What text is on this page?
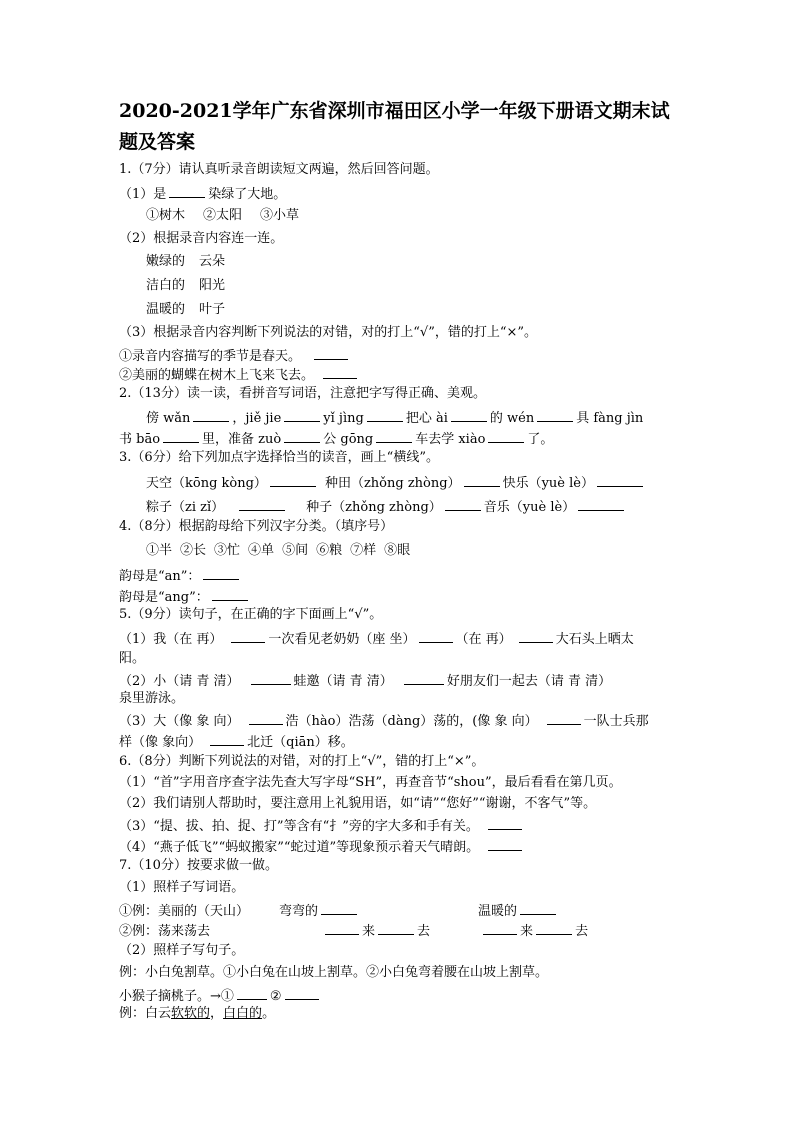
2020-2021学年广东省深圳市福田区小学一年级下册语文期末试题及答案
1.（7分）请认真听录音朗读短文两遍，然后回答问题。
（1）是	染绿了大地。
①树木 ②太阳 ③小草
（2）根据录音内容连一连。
嫩绿的 云朵
洁白的 阳光
温暖的 叶子
（3）根据录音内容判断下列说法的对错，对的打上“√”，错的打上“×”。
①录音内容描写的季节是春天。
②美丽的蝴蝶在树木上飞来飞去。
2.（13分）读一读，看拼音写词语，注意把字写得正确、美观。
傍 wǎn	，jiě jie	yǐ jìng	把心 ài	的 wén	具 fàng jìn
书 bāo	里，准备 zuò	公 gōng	车去学 xiào	了。
3.（6分）给下列加点字选择恰当的读音，画上“横线”。
天空（kōng kòng）	种田（zhǒng zhòng）	快乐（yuè lè）
粽子（zi zǐ）	种子（zhǒng zhòng）	音乐（yuè lè）
4.（8分）根据韵母给下列汉字分类。（填序号）
①半 ②长 ③忙 ④单 ⑤间 ⑥粮 ⑦样 ⑧眼
韵母是“an”：
韵母是“ang”：
5.（9分）读句子，在正确的字下面画上“√”。
（1）我（在 再）	一次看见老奶奶（座 坐）	（在 再）	大石头上晒太
阳。
（2）小（请 青 清）	蛙邀（请 青 清）	好朋友们一起去（请 青 清）
泉里游泳。
（3）大（像 象 向）	浩（hào）浩荡（dàng）荡的，(像 象 向）	一队士兵那
样（像 象向）	北迁（qiān）移。
6.（8分）判断下列说法的对错，对的打上“√”，错的打上“×”。
（1）“首”字用音序查字法先查大写字母“SH”，再查音节“shou”，最后看看在第几页。
（2）我们请别人帮助时，要注意用上礼貌用语，如“请”“您好”“谢谢，不客气”等。
（3）“提、拔、拍、捉、打”等含有“扌”旁的字大多和手有关。
（4）“燕子低飞”“蚂蚁搬家”“蛇过道”等现象预示着天气晴朗。
7.（10分）按要求做一做。
（1）照样子写词语。
①例：美丽的（天山） 弯弯的	温暖的
②例：荡来荡去	来	去	来	去
（2）照样子写句子。
例：小白兔割草。①小白兔在山坡上割草。②小白兔弯着腰在山坡上割草。
小猴子摘桃子。→①	②
例：白云软软的，白白的。
